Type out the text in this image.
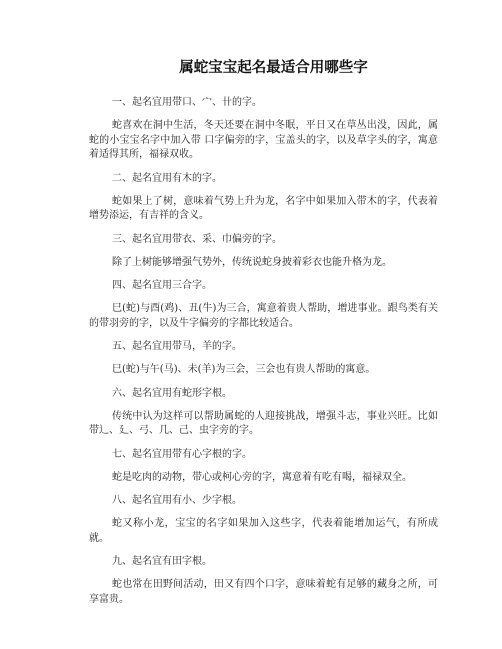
属蛇宝宝起名最适合用哪些字
一、起名宜用带口、宀、卄的字。
蛇喜欢在洞中生活，冬天还要在洞中冬眠，平日又在草丛出没，因此，属蛇的小宝宝名字中加入带 口字偏旁的字，宝盖头的字，以及草字头的字，寓意着适得其所，福禄双收。
二、起名宜用有木的字。
蛇如果上了树，意味着气势上升为龙，名字中如果加入带木的字，代表着增势添运，有吉祥的含义。
三、起名宜用带衣、采、巾偏旁的字。
除了上树能够增强气势外，传统说蛇身披着彩衣也能升格为龙。
四、起名宜用三合字。
巳(蛇)与酉(鸡)、丑(牛)为三合，寓意着贵人帮助，增进事业。跟鸟类有关的带羽旁的字，以及牛字偏旁的字都比较适合。
五、起名宜用带马，羊的字。
巳(蛇)与午(马)、未(羊)为三会，三会也有贵人帮助的寓意。
六、起名宜用有蛇形字根。
传统中认为这样可以帮助属蛇的人迎接挑战，增强斗志，事业兴旺。比如带辶、廴、弓、几、己、虫字旁的字。
七、起名宜用带有心字根的字。
蛇是吃肉的动物，带心或柯心旁的字，寓意着有吃有喝，福禄双全。
八、起名宜用有小、少字根。
蛇又称小龙，宝宝的名字如果加入这些字，代表着能增加运气，有所成就。
九、起名宜有田字根。
蛇也常在田野间活动，田又有四个口字，意味着蛇有足够的藏身之所，可享富贵。
